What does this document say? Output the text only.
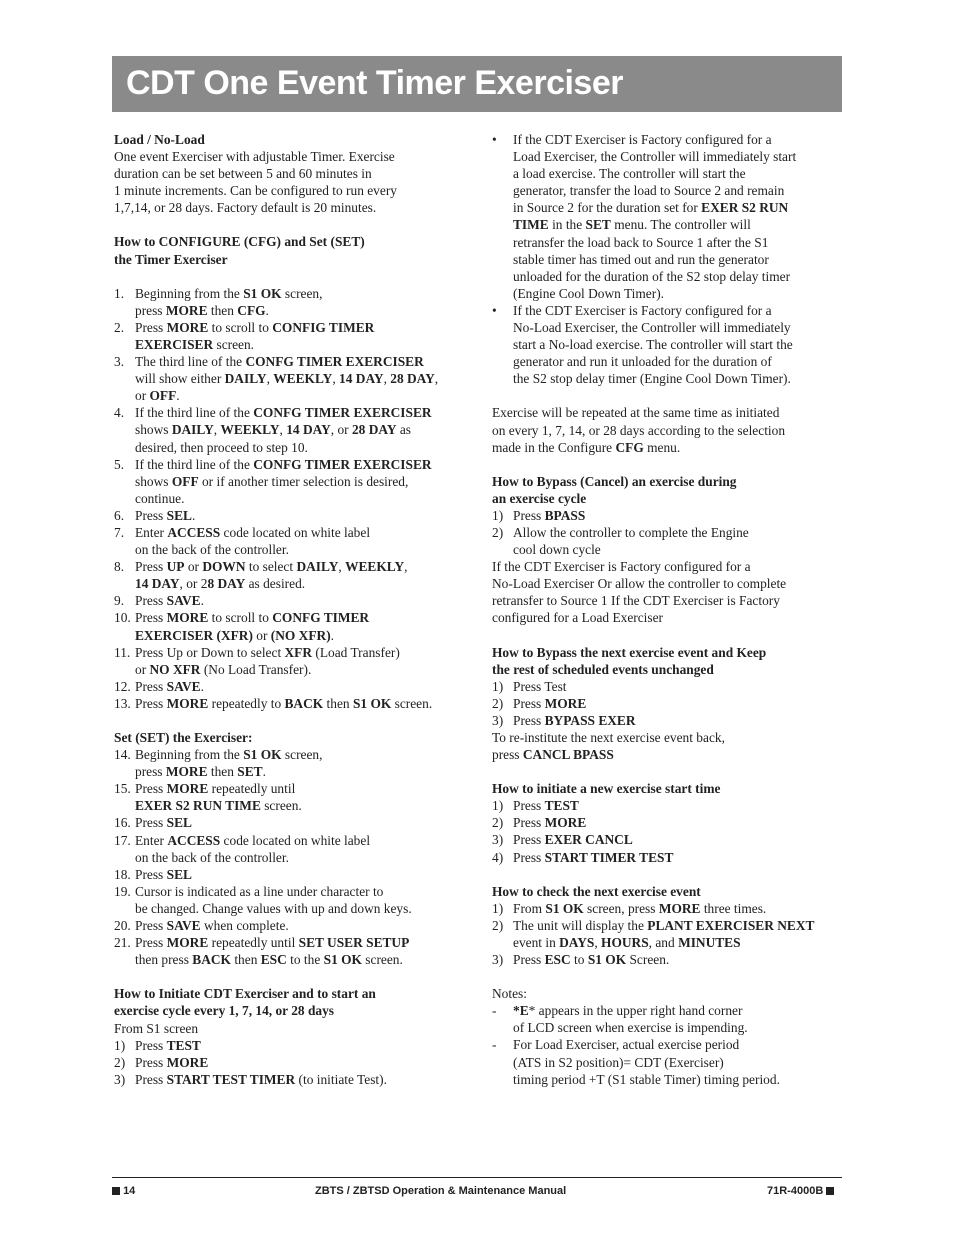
CDT One Event Timer Exerciser

Load / No-Load

One event Exerciser with adjustable Timer. Exercise
duration can be set between 5 and 60 minutes in
1 minute increments. Can be configured to run every
1,7,14, or 28 days. Factory default is 20 minutes.
How to CONFIGURE (CFG) and Set (SET)
the Timer Exerciser
1. Beginning from the S1 OK screen,
press MORE then CFG.
2. Press MORE to scroll to CONFIG TIMER
EXERCISER screen.
3. The third line of the CONFG TIMER EXERCISER
will show either DAILY, WEEKLY, 14 DAY, 28 DAY,
or OFF.
4. If the third line of the CONFG TIMER EXERCISER
shows DAILY, WEEKLY, 14 DAY, or 28 DAY as
desired, then proceed to step 10.
5. If the third line of the CONFG TIMER EXERCISER
shows OFF or if another timer selection is desired,
continue.
6. Press SEL.
7. Enter ACCESS code located on white label
on the back of the controller.
8. Press UP or DOWN to select DAILY, WEEKLY,
14 DAY, or 28 DAY as desired.
9. Press SAVE.
10. Press MORE to scroll to CONFG TIMER
EXERCISER (XFR) or (NO XFR).
11. Press Up or Down to select XFR (Load Transfer)
or NO XFR (No Load Transfer).
12. Press SAVE.
13. Press MORE repeatedly to BACK then S1 OK screen.

Set (SET) the Exerciser:

14. Beginning from the S1 OK screen,
press MORE then SET.
15. Press MORE repeatedly until
EXER S2 RUN TIME screen.
16. Press SEL
17. Enter ACCESS code located on white label
on the back of the controller.
18. Press SEL
19. Cursor is indicated as a line under character to
be changed. Change values with up and down keys.
20. Press SAVE when complete.
21. Press MORE repeatedly until SET USER SETUP
then press BACK then ESC to the S1 OK screen.
How to Initiate CDT Exerciser and to start an
exercise cycle every 1, 7, 14, or 28 days

From S1 screen

1) Press TEST
2) Press MORE
3) Press START TEST TIMER (to initiate Test).
• If the CDT Exerciser is Factory configured for a
Load Exerciser, the Controller will immediately start
a load exercise. The controller will start the
generator, transfer the load to Source 2 and remain
in Source 2 for the duration set for EXER S2 RUN
TIME in the SET menu. The controller will
retransfer the load back to Source 1 after the S1
stable timer has timed out and run the generator
unloaded for the duration of the S2 stop delay timer
(Engine Cool Down Timer).
• If the CDT Exerciser is Factory configured for a
No-Load Exerciser, the Controller will immediately
start a No-load exercise. The controller will start the
generator and run it unloaded for the duration of
the S2 stop delay timer (Engine Cool Down Timer).
Exercise will be repeated at the same time as initiated
on every 1, 7, 14, or 28 days according to the selection
made in the Configure CFG menu.
How to Bypass (Cancel) an exercise during
an exercise cycle
1) Press BPASS
2) Allow the controller to complete the Engine
cool down cycle
If the CDT Exerciser is Factory configured for a
No-Load Exerciser Or allow the controller to complete
retransfer to Source 1 If the CDT Exerciser is Factory
configured for a Load Exerciser
How to Bypass the next exercise event and Keep
the rest of scheduled events unchanged
1) Press Test
2) Press MORE
3) Press BYPASS EXER
To re-institute the next exercise event back,
press CANCL BPASS

How to initiate a new exercise start time

1) Press TEST
2) Press MORE
3) Press EXER CANCL
4) Press START TIMER TEST

How to check the next exercise event

1) From S1 OK screen, press MORE three times.
2) The unit will display the PLANT EXERCISER NEXT
event in DAYS, HOURS, and MINUTES
3) Press ESC to S1 OK Screen.

Notes:

- *E* appears in the upper right hand corner
of LCD screen when exercise is impending.
- For Load Exerciser, actual exercise period
(ATS in S2 position)= CDT (Exerciser)
timing period +T (S1 stable Timer) timing period.
14	ZBTS / ZBTSD Operation & Maintenance Manual	71R-4000B
